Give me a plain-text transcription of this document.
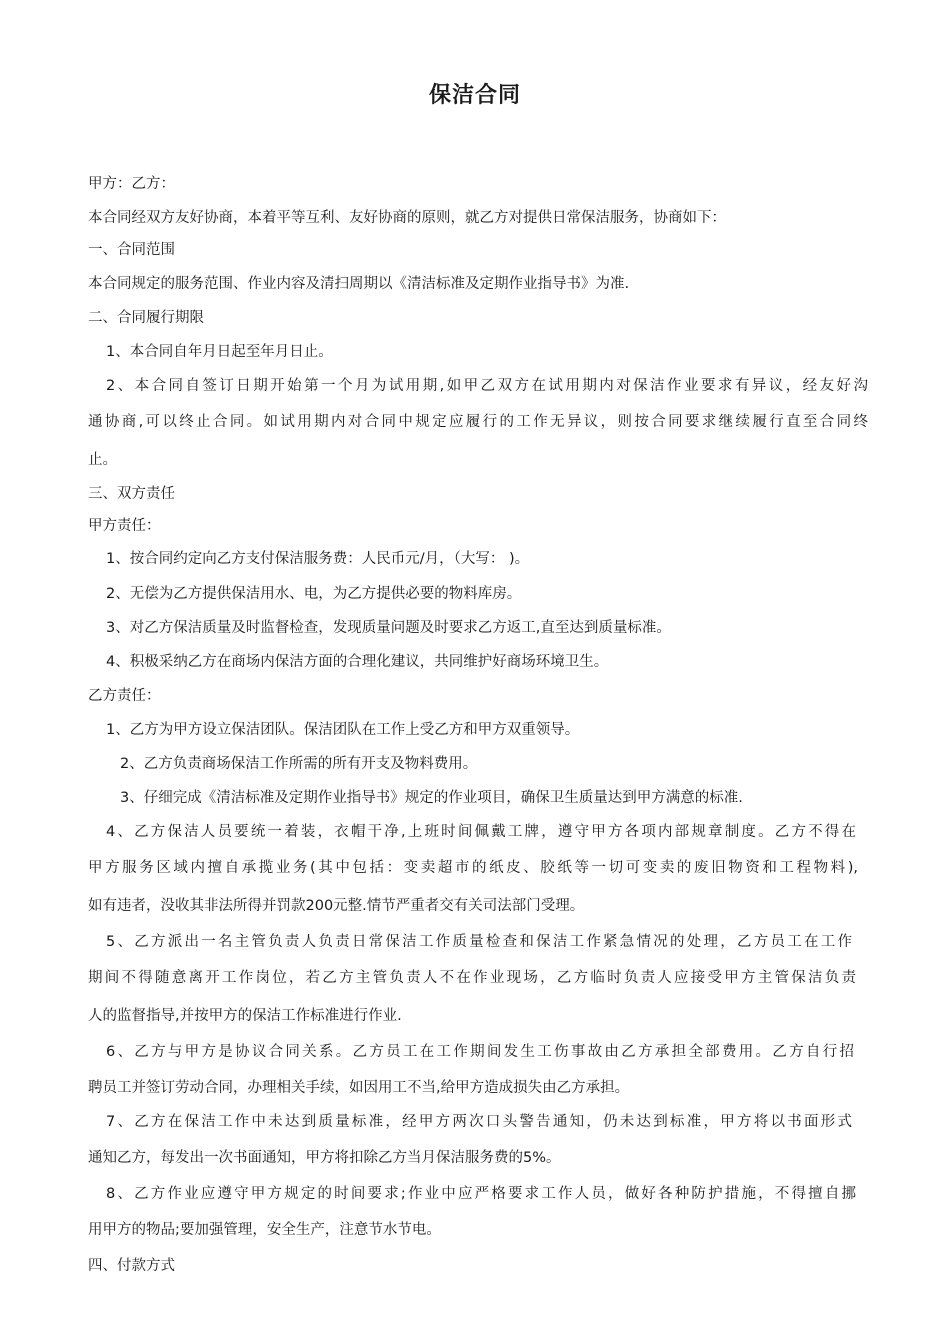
保洁合同
甲方：乙方：
本合同经双方友好协商，本着平等互利、友好协商的原则，就乙方对提供日常保洁服务，协商如下：
一、合同范围
本合同规定的服务范围、作业内容及清扫周期以《清洁标准及定期作业指导书》为准.
二、合同履行期限
1、本合同自年月日起至年月日止。
2、本合同自签订日期开始第一个月为试用期,如甲乙双方在试用期内对保洁作业要求有异议，经友好沟
通协商,可以终止合同。如试用期内对合同中规定应履行的工作无异议，则按合同要求继续履行直至合同终
止。
三、双方责任
甲方责任：
1、按合同约定向乙方支付保洁服务费：人民币元/月，（大写： )。
2、无偿为乙方提供保洁用水、电，为乙方提供必要的物料库房。
3、对乙方保洁质量及时监督检查，发现质量问题及时要求乙方返工,直至达到质量标准。
4、积极采纳乙方在商场内保洁方面的合理化建议，共同维护好商场环境卫生。
乙方责任：
1、乙方为甲方设立保洁团队。保洁团队在工作上受乙方和甲方双重领导。
2、乙方负责商场保洁工作所需的所有开支及物料费用。
3、仔细完成《清洁标准及定期作业指导书》规定的作业项目，确保卫生质量达到甲方满意的标准.
4、乙方保洁人员要统一着装，衣帽干净,上班时间佩戴工牌，遵守甲方各项内部规章制度。乙方不得在
甲方服务区域内擅自承揽业务(其中包括：变卖超市的纸皮、胶纸等一切可变卖的废旧物资和工程物料),
如有违者，没收其非法所得并罚款200元整.情节严重者交有关司法部门受理。
5、乙方派出一名主管负责人负责日常保洁工作质量检查和保洁工作紧急情况的处理，乙方员工在工作
期间不得随意离开工作岗位，若乙方主管负责人不在作业现场，乙方临时负责人应接受甲方主管保洁负责
人的监督指导,并按甲方的保洁工作标准进行作业.
6、乙方与甲方是协议合同关系。乙方员工在工作期间发生工伤事故由乙方承担全部费用。乙方自行招
聘员工并签订劳动合同，办理相关手续，如因用工不当,给甲方造成损失由乙方承担。
7、乙方在保洁工作中未达到质量标准，经甲方两次口头警告通知，仍未达到标准，甲方将以书面形式
通知乙方，每发出一次书面通知，甲方将扣除乙方当月保洁服务费的5%。
8、乙方作业应遵守甲方规定的时间要求;作业中应严格要求工作人员，做好各种防护措施，不得擅自挪
用甲方的物品;要加强管理，安全生产，注意节水节电。
四、付款方式
